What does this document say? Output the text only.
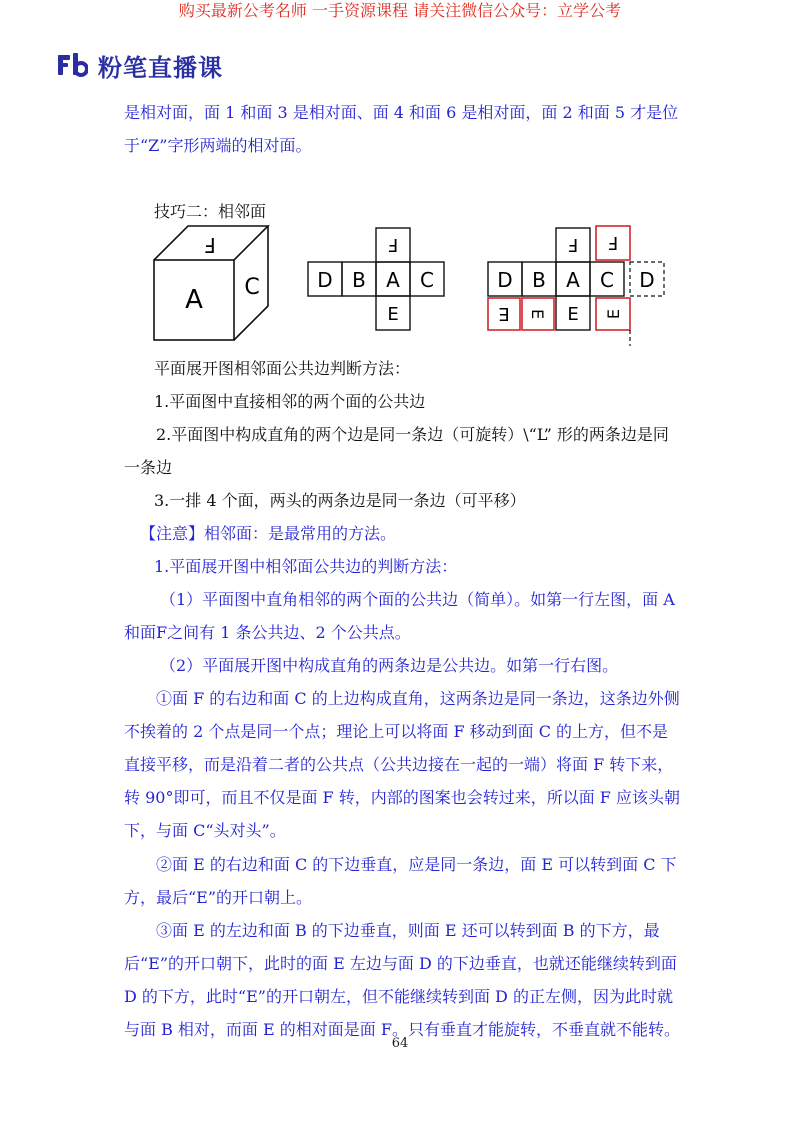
购买最新公考名师 一手资源课程 请关注微信公众号：立学公考
粉笔直播课
是相对面，面 1 和面 3 是相对面、面 4 和面 6 是相对面，面 2 和面 5 才是位于“Z”字形两端的相对面。
技巧二：相邻面
A
F
C	D B A C
F
E
D B A C D
F F
E
E E	E
平面展开图相邻面公共边判断方法：
1.平面图中直接相邻的两个面的公共边
2.平面图中构成直角的两个边是同一条边（可旋转）\“L” 形的两条边是同一条边
3.一排 4 个面，两头的两条边是同一条边（可平移）
【注意】相邻面：是最常用的方法。
1.平面展开图中相邻面公共边的判断方法：
（1）平面图中直角相邻的两个面的公共边（简单）。如第一行左图，面 A 和面F之间有 1 条公共边、2 个公共点。
（2）平面展开图中构成直角的两条边是公共边。如第一行右图。
①面 F 的右边和面 C 的上边构成直角，这两条边是同一条边，这条边外侧不挨着的 2 个点是同一个点；理论上可以将面 F 移动到面 C 的上方，但不是直接平移，而是沿着二者的公共点（公共边接在一起的一端）将面 F 转下来，转 90°即可，而且不仅是面 F 转，内部的图案也会转过来，所以面 F 应该头朝下，与面 C“头对头”。
②面 E 的右边和面 C 的下边垂直，应是同一条边，面 E 可以转到面 C 下方，最后“E”的开口朝上。
③面 E 的左边和面 B 的下边垂直，则面 E 还可以转到面 B 的下方，最后“E”的开口朝下，此时的面 E 左边与面 D 的下边垂直，也就还能继续转到面 D 的下方，此时“E”的开口朝左，但不能继续转到面 D 的正左侧，因为此时就与面 B 相对，而面 E 的相对面是面 F。只有垂直才能旋转，不垂直就不能转。
64
